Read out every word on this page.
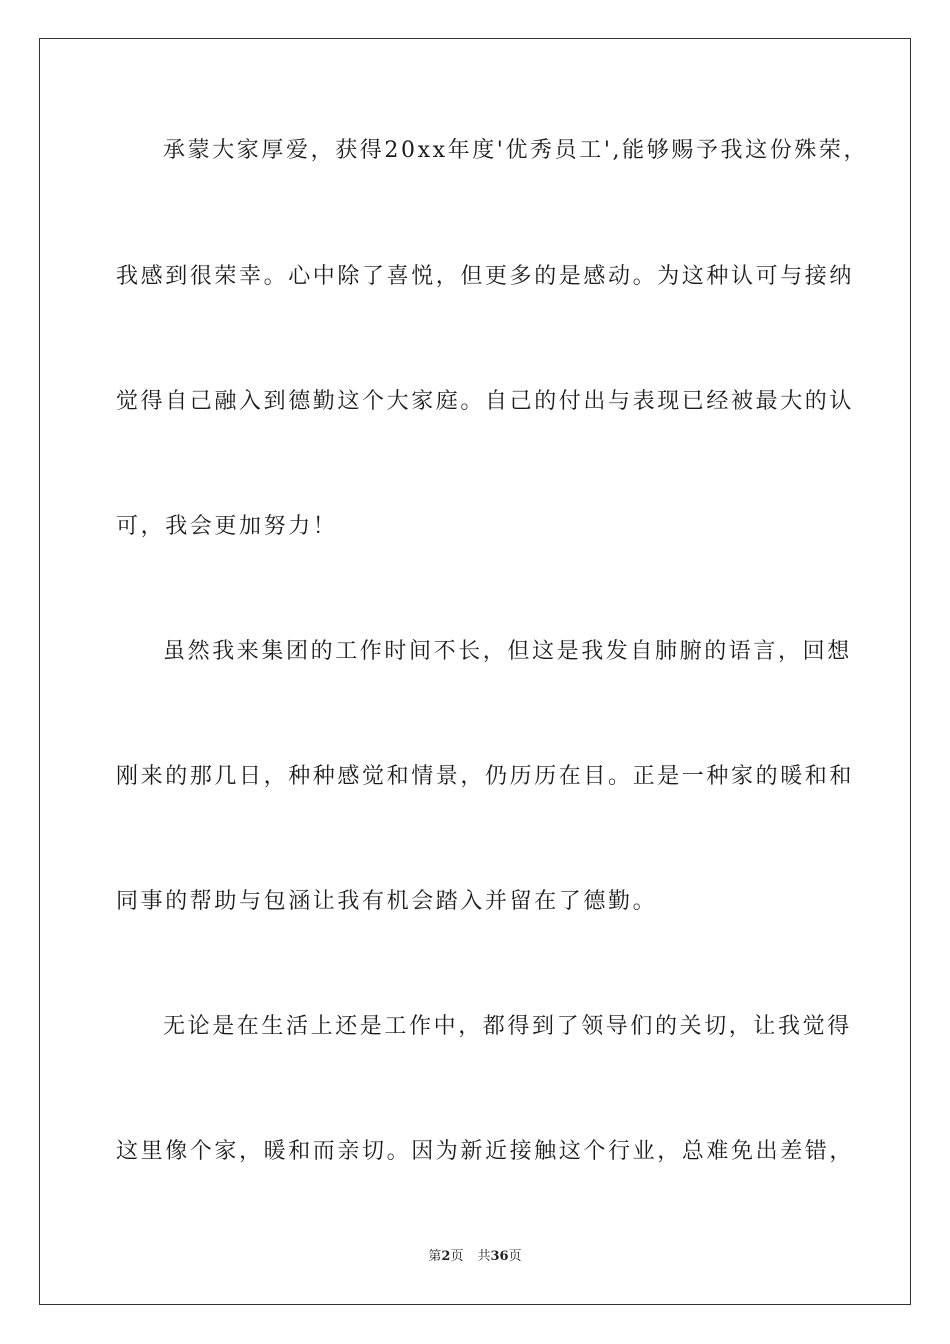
承蒙大家厚爱，获得20xx年度'优秀员工',能够赐予我这份殊荣，
我感到很荣幸。心中除了喜悦，但更多的是感动。为这种认可与接纳
觉得自己融入到德勤这个大家庭。自己的付出与表现已经被最大的认
可，我会更加努力！
虽然我来集团的工作时间不长，但这是我发自肺腑的语言，回想
刚来的那几日，种种感觉和情景，仍历历在目。正是一种家的暖和和
同事的帮助与包涵让我有机会踏入并留在了德勤。
无论是在生活上还是工作中，都得到了领导们的关切，让我觉得
这里像个家，暖和而亲切。因为新近接触这个行业，总难免出差错，
第2页 共36页
